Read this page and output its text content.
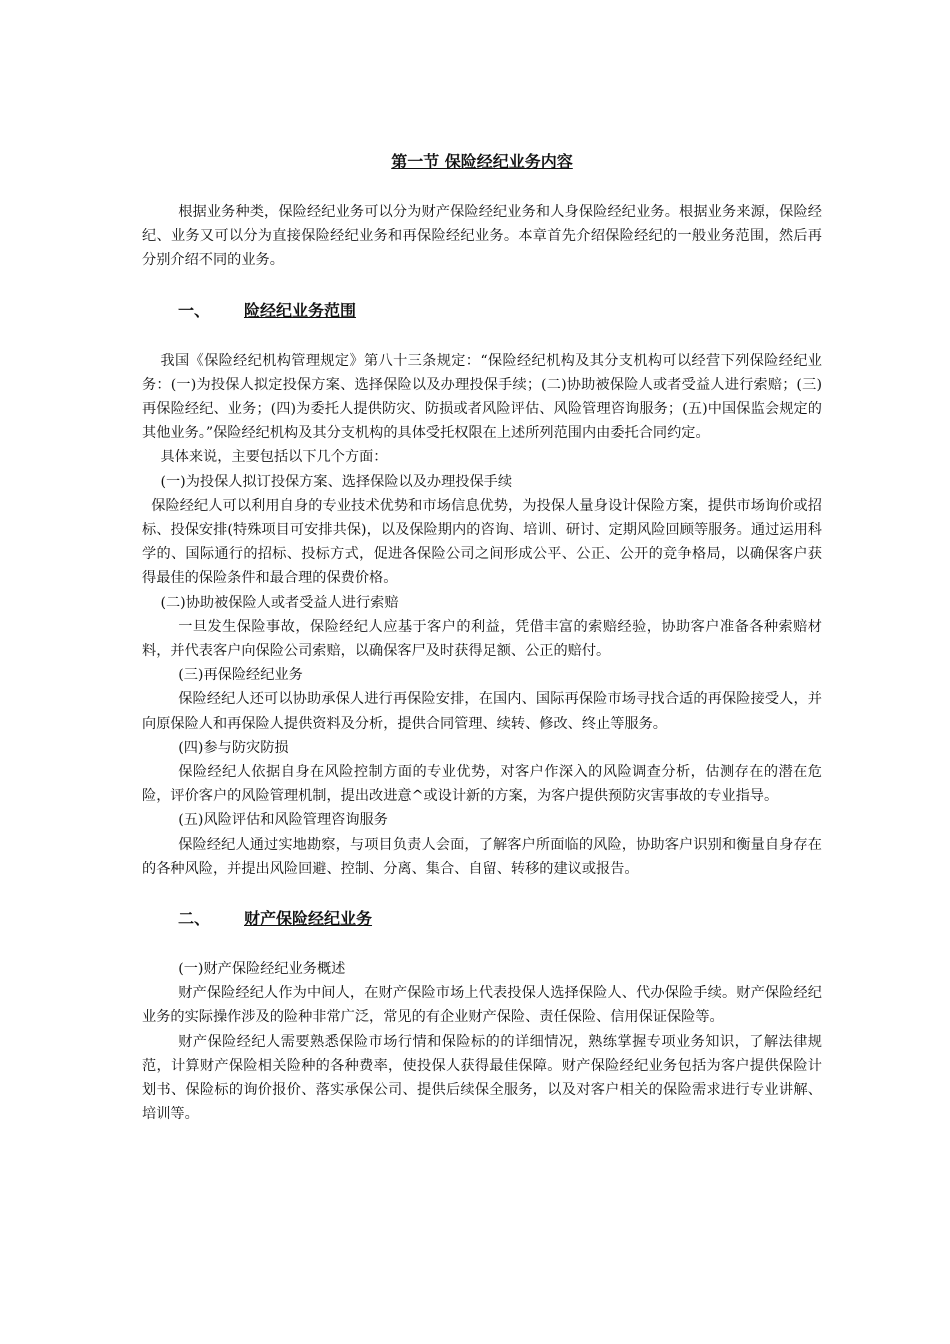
第一节 保险经纪业务内容

根据业务种类，保险经纪业务可以分为财产保险经纪业务和人身保险经纪业务。根据业务来源，保险经纪、业务又可以分为直接保险经纪业务和再保险经纪业务。本章首先介绍保险经纪的一般业务范围，然后再分别介绍不同的业务。

一、	险经纪业务范围

我国《保险经纪机构管理规定》第八十三条规定：“保险经纪机构及其分支机构可以经营下列保险经纪业务：(一)为投保人拟定投保方案、选择保险以及办理投保手续；(二)协助被保险人或者受益人进行索赔；(三)再保险经纪、业务；(四)为委托人提供防灾、防损或者风险评估、风险管理咨询服务；(五)中国保监会规定的其他业务。”保险经纪机构及其分支机构的具体受托权限在上述所列范围内由委托合同约定。

具体来说，主要包括以下几个方面：

(一)为投保人拟订投保方案、选择保险以及办理投保手续

保险经纪人可以利用自身的专业技术优势和市场信息优势，为投保人量身设计保险方案，提供市场询价或招标、投保安排(特殊项目可安排共保)，以及保险期内的咨询、培训、研讨、定期风险回顾等服务。通过运用科学的、国际通行的招标、投标方式，促进各保险公司之间形成公平、公正、公开的竞争格局，以确保客户获得最佳的保险条件和最合理的保费价格。

(二)协助被保险人或者受益人进行索赔

一旦发生保险事故，保险经纪人应基于客户的利益，凭借丰富的索赔经验，协助客户准备各种索赔材料，并代表客户向保险公司索赔，以确保客尸及时获得足额、公正的赔付。

(三)再保险经纪业务

保险经纪人还可以协助承保人进行再保险安排，在国内、国际再保险市场寻找合适的再保险接受人，并向原保险人和再保险人提供资料及分析，提供合同管理、续转、修改、终止等服务。

(四)参与防灾防损

保险经纪人依据自身在风险控制方面的专业优势，对客户作深入的风险调查分析，估测存在的潜在危险，评价客户的风险管理机制，提出改进意^或设计新的方案，为客户提供预防灾害事故的专业指导。

(五)风险评估和风险管理咨询服务

保险经纪人通过实地勘察，与项目负责人会面，了解客户所面临的风险，协助客户识别和衡量自身存在的各种风险，并提出风险回避、控制、分离、集合、自留、转移的建议或报告。

二、	财产保险经纪业务

(一)财产保险经纪业务概述

财产保险经纪人作为中间人，在财产保险市场上代表投保人选择保险人、代办保险手续。财产保险经纪业务的实际操作涉及的险种非常广泛，常见的有企业财产保险、责任保险、信用保证保险等。

财产保险经纪人需要熟悉保险市场行情和保险标的的详细情况，熟练掌握专项业务知识，了解法律规范，计算财产保险相关险种的各种费率，使投保人获得最佳保障。财产保险经纪业务包括为客户提供保险计划书、保险标的询价报价、落实承保公司、提供后续保全服务，以及对客户相关的保险需求进行专业讲解、培训等。
